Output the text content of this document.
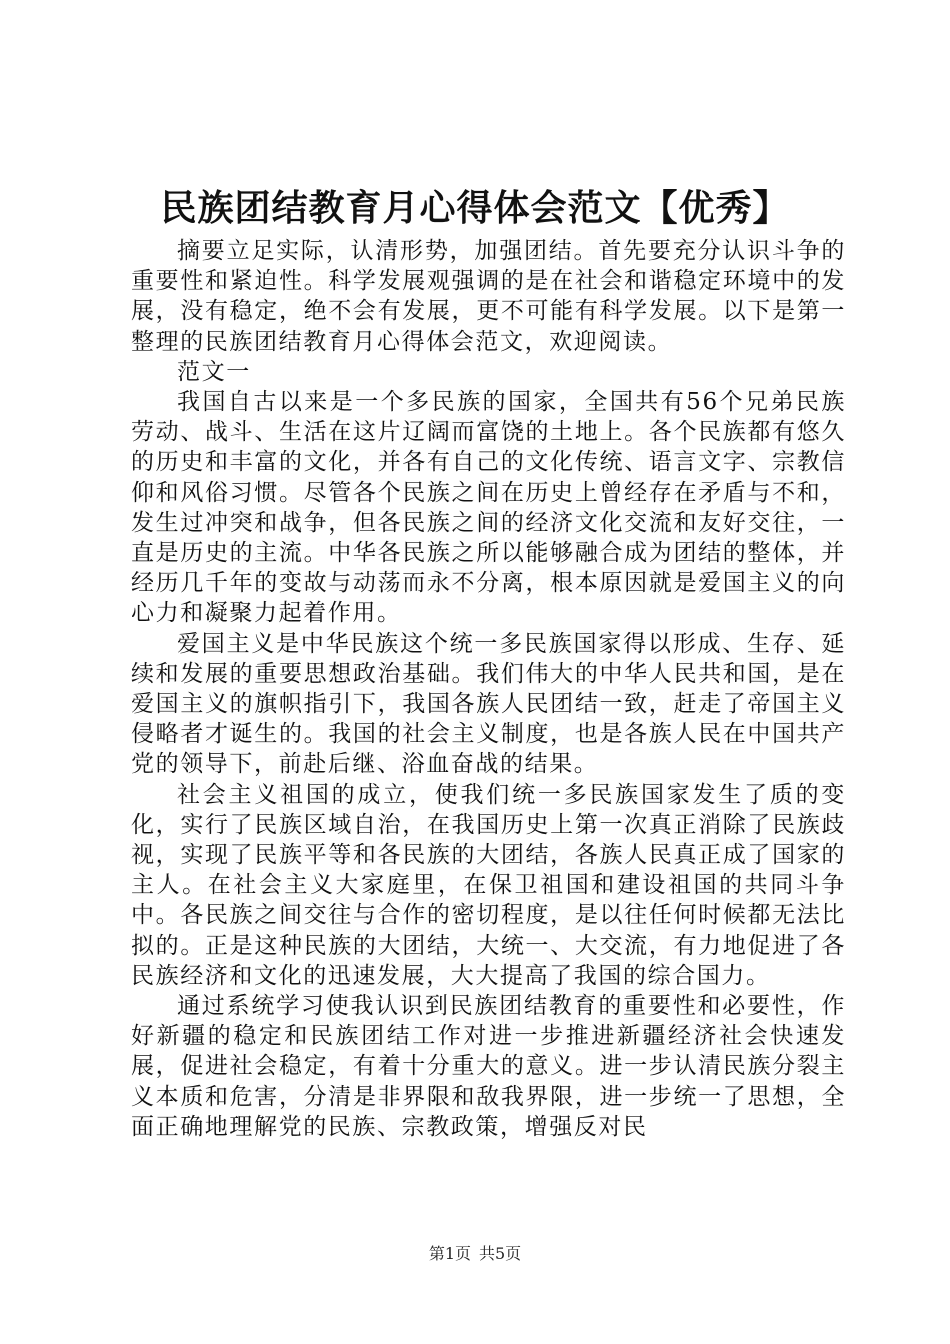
民族团结教育月心得体会范文【优秀】

摘要立足实际，认清形势，加强团结。首先要充分认识斗争的重要性和紧迫性。科学发展观强调的是在社会和谐稳定环境中的发展，没有稳定，绝不会有发展，更不可能有科学发展。以下是第一整理的民族团结教育月心得体会范文，欢迎阅读。

范文一

我国自古以来是一个多民族的国家，全国共有56个兄弟民族劳动、战斗、生活在这片辽阔而富饶的土地上。各个民族都有悠久的历史和丰富的文化，并各有自己的文化传统、语言文字、宗教信仰和风俗习惯。尽管各个民族之间在历史上曾经存在矛盾与不和，发生过冲突和战争，但各民族之间的经济文化交流和友好交往，一直是历史的主流。中华各民族之所以能够融合成为团结的整体，并经历几千年的变故与动荡而永不分离，根本原因就是爱国主义的向心力和凝聚力起着作用。

爱国主义是中华民族这个统一多民族国家得以形成、生存、延续和发展的重要思想政治基础。我们伟大的中华人民共和国，是在爱国主义的旗帜指引下，我国各族人民团结一致，赶走了帝国主义侵略者才诞生的。我国的社会主义制度，也是各族人民在中国共产党的领导下，前赴后继、浴血奋战的结果。

社会主义祖国的成立，使我们统一多民族国家发生了质的变化，实行了民族区域自治，在我国历史上第一次真正消除了民族歧视，实现了民族平等和各民族的大团结，各族人民真正成了国家的主人。在社会主义大家庭里，在保卫祖国和建设祖国的共同斗争中。各民族之间交往与合作的密切程度，是以往任何时候都无法比拟的。正是这种民族的大团结，大统一、大交流，有力地促进了各民族经济和文化的迅速发展，大大提高了我国的综合国力。

通过系统学习使我认识到民族团结教育的重要性和必要性，作好新疆的稳定和民族团结工作对进一步推进新疆经济社会快速发展，促进社会稳定，有着十分重大的意义。进一步认清民族分裂主义本质和危害，分清是非界限和敌我界限，进一步统一了思想，全面正确地理解党的民族、宗教政策，增强反对民

第1页 共5页
